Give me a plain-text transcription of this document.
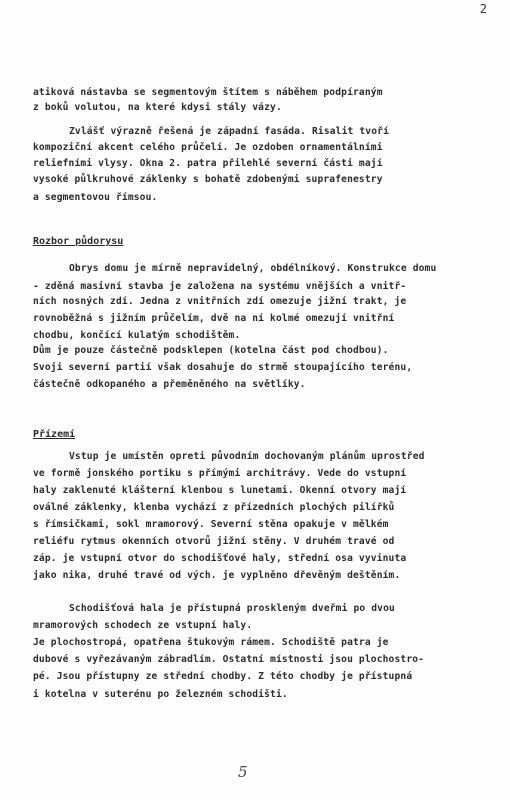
2
atiková nástavba se segmentovým štítem s náběhem podpíraným
z boků volutou, na které kdysi stály vázy.
Zvlášť výrazně řešená je západní fasáda. Risalit tvoří
kompoziční akcent celého průčelí. Je ozdoben ornamentálními
reliefními vlysy. Okna 2. patra přilehlé severní části mají
vysoké půlkruhové záklenky s bohatě zdobenými suprafenestry
a segmentovou římsou.
Rozbor půdorysu
Obrys domu je mírně nepravidelný, obdélníkový. Konstrukce domu
- zděná masivní stavba je založena na systému vnějších a vnitř-
ních nosných zdí. Jedna z vnitřních zdí omezuje jižní trakt, je
rovnoběžná s jižním průčelím, dvě na ní kolmé omezují vnitřní
chodbu, končící kulatým schodištěm.
Dům je pouze částečně podsklepen (kotelna část pod chodbou).
Svoji severní partií však dosahuje do strmě stoupajícího terénu,
částečně odkopaného a přeměněného na světlíky.
Přízemí
Vstup je umístěn opreti původním dochovaným plánům uprostřed
ve formě jonského portiku s přímými architrávy. Vede do vstupní
haly zaklenuté klášterní klenbou s lunetami. Okenní otvory mají
oválné záklenky, klenba vychází z přízedních plochých pilířků
s římsičkami, sokl mramorový. Severní stěna opakuje v mělkém
reliéfu rytmus okenních otvorů jižní stěny. V druhém travé od
záp. je vstupní otvor do schodišťové haly, střední osa vyvinuta
jako nika, druhé travé od vých. je vyplněno dřevěným deštěním.
Schodišťová hala je přístupná proskleným dveřmi po dvou
mramorových schodech ze vstupní haly.
Je plochostropá, opatřena štukovým rámem. Schodiště patra je
dubové s vyřezávaným zábradlím. Ostatní místnosti jsou plochostro-
pé. Jsou přístupny ze střední chodby. Z této chodby je přístupná
i kotelna v suterénu po železném schodišti.
5
